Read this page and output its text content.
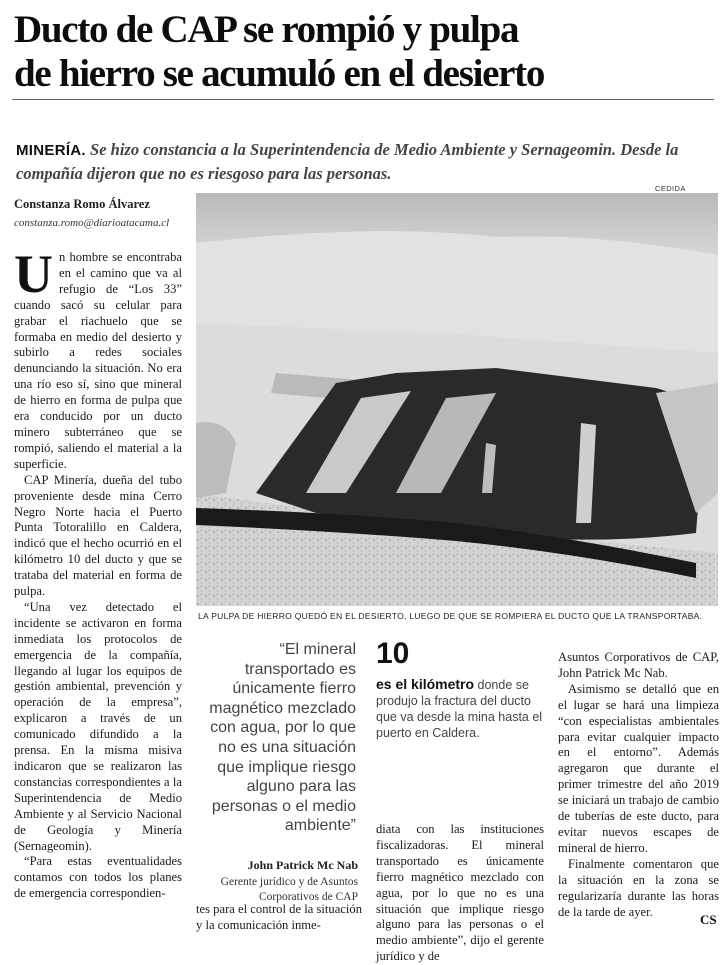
Ducto de CAP se rompió y pulpa
de hierro se acumuló en el desierto
MINERÍA. Se hizo constancia a la Superintendencia de Medio Ambiente y Sernageomin. Desde la compañía dijeron que no es riesgoso para las personas.
CEDIDA
Constanza Romo Álvarez
constanza.romo@diarioatacama.cl
U n hombre se encontraba en el camino que va al refugio de “Los 33” cuando sacó su celular para grabar el riachuelo que se formaba en medio del desierto y subirlo a redes sociales denunciando la situación. No era una río eso sí, sino que mineral de hierro en forma de pulpa que era conducido por un ducto minero subterráneo que se rompió, saliendo el material a la superficie.

CAP Minería, dueña del tubo proveniente desde mina Cerro Negro Norte hacia el Puerto Punta Totoralillo en Caldera, indicó que el hecho ocurrió en el kilómetro 10 del ducto y que se trataba del material en forma de pulpa.

“Una vez detectado el incidente se activaron en forma inmediata los protocolos de emergencia de la compañía, llegando al lugar los equipos de gestión ambiental, prevención y operación de la empresa”, explicaron a través de un comunicado difundido a la prensa. En la misma misiva indicaron que se realizaron las constancias correspondientes a la Superintendencia de Medio Ambiente y al Servicio Nacional de Geología y Minería (Sernageomin).

“Para estas eventualidades contamos con todos los planes de emergencia correspondien-

LA PULPA DE HIERRO QUEDÓ EN EL DESIERTO, LUEGO DE QUE SE ROMPIERA EL DUCTO QUE LA TRANSPORTABA.
“El mineral transportado es únicamente fierro magnético mezclado con agua, por lo que no es una situación que implique riesgo alguno para las personas o el medio ambiente”
John Patrick Mc Nab
Gerente jurídico y de Asuntos Corporativos de CAP

tes para el control de la situación y la comunicación inme-

10
es el kilómetro donde se produjo la fractura del ducto que va desde la mina hasta el puerto en Caldera.

diata con las instituciones fiscalizadoras. El mineral transportado es únicamente fierro magnético mezclado con agua, por lo que no es una situación que implique riesgo alguno para las personas o el medio ambiente”, dijo el gerente jurídico y de

Asuntos Corporativos de CAP, John Patrick Mc Nab.

Asimismo se detalló que en el lugar se hará una limpieza “con especialistas ambientales para evitar cualquier impacto en el entorno”. Además agregaron que durante el primer trimestre del año 2019 se iniciará un trabajo de cambio de tuberías de este ducto, para evitar nuevos escapes de mineral de hierro.

Finalmente comentaron que la situación en la zona se regularizaría durante las horas de la tarde de ayer.

CS
